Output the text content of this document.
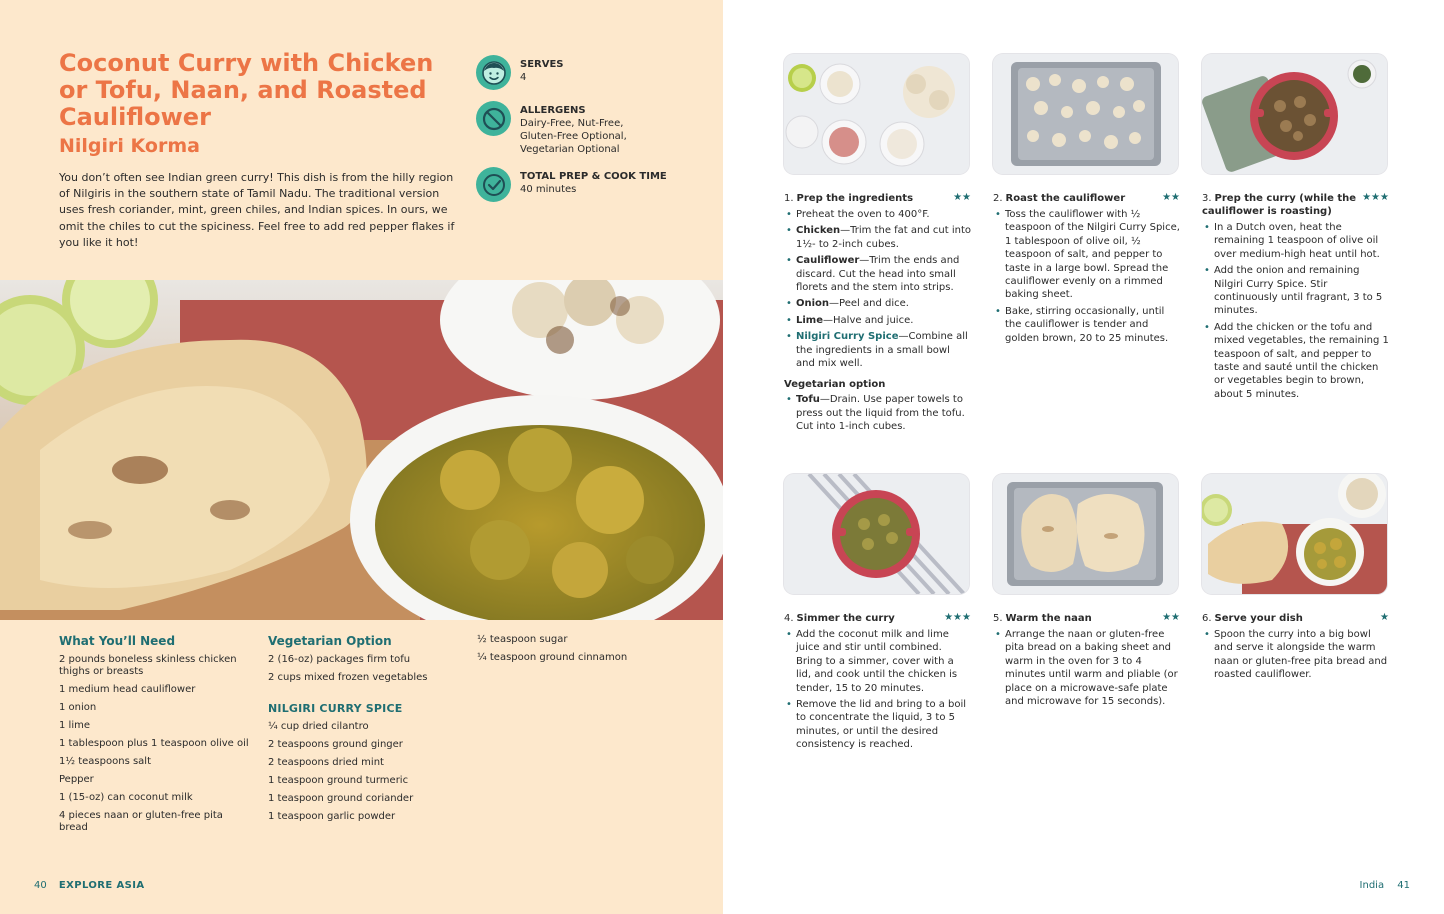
Coconut Curry with Chicken or Tofu, Naan, and Roasted Cauliflower
Nilgiri Korma

You don’t often see Indian green curry! This dish is from the hilly region of Nilgiris in the southern state of Tamil Nadu. The traditional version uses fresh coriander, mint, green chiles, and Indian spices. In ours, we omit the chiles to cut the spiciness. Feel free to add red pepper flakes if you like it hot!

SERVES
4
ALLERGENS
Dairy-Free, Nut-Free,
Gluten-Free Optional,
Vegetarian Optional
TOTAL PREP & COOK TIME
40 minutes
What You’ll Need
2 pounds boneless skinless chicken thighs or breasts
1 medium head cauliflower
1 onion
1 lime
1 tablespoon plus 1 teaspoon olive oil
1½ teaspoons salt
Pepper
1 (15-oz) can coconut milk
4 pieces naan or gluten-free pita bread
Vegetarian Option
2 (16-oz) packages firm tofu
2 cups mixed frozen vegetables
NILGIRI CURRY SPICE
¼ cup dried cilantro
2 teaspoons ground ginger
2 teaspoons dried mint
1 teaspoon ground turmeric
1 teaspoon ground coriander
1 teaspoon garlic powder
½ teaspoon sugar
¼ teaspoon ground cinnamon
40 EXPLORE ASIA
1. Prep the ingredients	★★
• Preheat the oven to 400°F.
• Chicken—Trim the fat and cut into 1½- to 2-inch cubes.
• Cauliflower—Trim the ends and discard. Cut the head into small florets and the stem into strips.
• Onion—Peel and dice.
• Lime—Halve and juice.
• Nilgiri Curry Spice—Combine all the ingredients in a small bowl and mix well.
Vegetarian option
• Tofu—Drain. Use paper towels to press out the liquid from the tofu. Cut into 1-inch cubes.
2. Roast the cauliflower	★★
• Toss the cauliflower with ½ teaspoon of the Nilgiri Curry Spice, 1 tablespoon of olive oil, ½ teaspoon of salt, and pepper to taste in a large bowl. Spread the cauliflower evenly on a rimmed baking sheet.
• Bake, stirring occasionally, until the cauliflower is tender and golden brown, 20 to 25 minutes.
3. Prep the curry (while the cauliflower is roasting)
★★★
• In a Dutch oven, heat the remaining 1 teaspoon of olive oil over medium-high heat until hot.
• Add the onion and remaining Nilgiri Curry Spice. Stir continuously until fragrant, 3 to 5 minutes.
• Add the chicken or the tofu and mixed vegetables, the remaining 1 teaspoon of salt, and pepper to taste and sauté until the chicken or vegetables begin to brown, about 5 minutes.
4. Simmer the curry	★★★
• Add the coconut milk and lime juice and stir until combined. Bring to a simmer, cover with a lid, and cook until the chicken is tender, 15 to 20 minutes.
• Remove the lid and bring to a boil to concentrate the liquid, 3 to 5 minutes, or until the desired consistency is reached.
5. Warm the naan	★★
• Arrange the naan or gluten-free pita bread on a baking sheet and warm in the oven for 3 to 4 minutes until warm and pliable (or place on a microwave-safe plate and microwave for 15 seconds).
6. Serve your dish	★
• Spoon the curry into a big bowl and serve it alongside the warm naan or gluten-free pita bread and roasted cauliflower.
India 41
